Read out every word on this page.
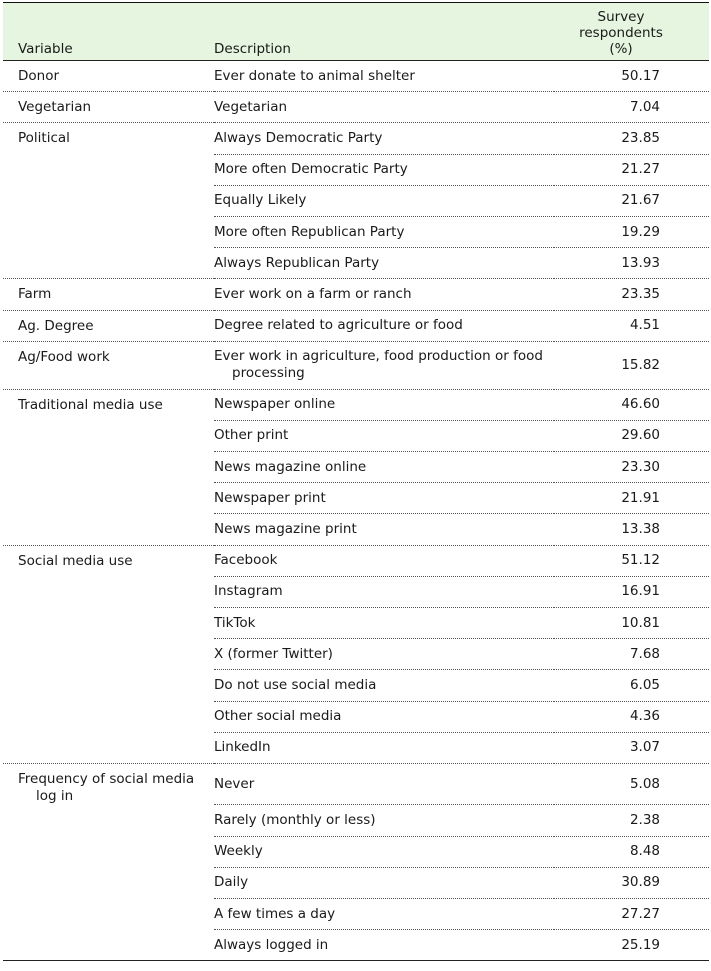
Variable	Description	Survey
respondents
(%)

Donor	Ever donate to animal shelter	50.17

Vegetarian	Vegetarian	7.04

Political	Always Democratic Party	23.85

	More often Democratic Party	21.27

	Equally Likely	21.67

	More often Republican Party	19.29

	Always Republican Party	13.93

Farm	Ever work on a farm or ranch	23.35

Ag. Degree	Degree related to agriculture or food	4.51

Ag/Food work	Ever work in agriculture, food production or food processing	15.82

Traditional media use	Newspaper online	46.60

	Other print	29.60

	News magazine online	23.30

	Newspaper print	21.91

	News magazine print	13.38

Social media use	Facebook	51.12

	Instagram	16.91

	TikTok	10.81

	X (former Twitter)	7.68

	Do not use social media	6.05

	Other social media	4.36

	LinkedIn	3.07

Frequency of social media log in	Never	5.08

	Rarely (monthly or less)	2.38

	Weekly	8.48

	Daily	30.89

	A few times a day	27.27

	Always logged in	25.19
